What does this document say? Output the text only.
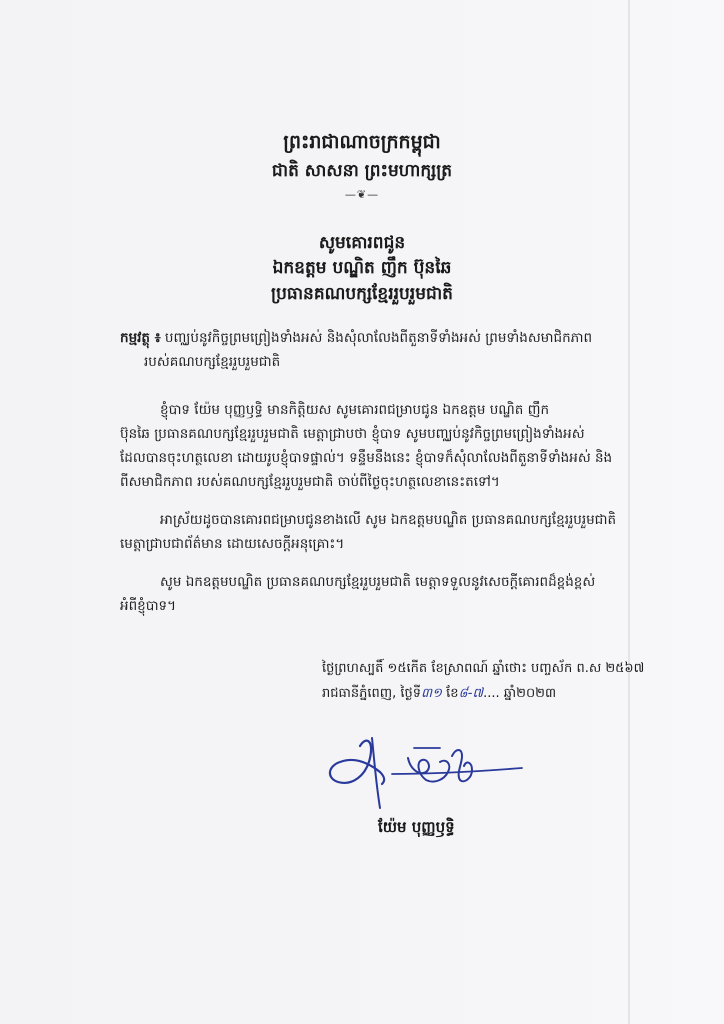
ព្រះរាជាណាចក្រកម្ពុជា
ជាតិ សាសនា ព្រះមហាក្សត្រ
—❦—
សូមគោរពជូន
ឯកឧត្តម បណ្ឌិត ញឹក ប៊ុនឆៃ
ប្រធានគណបក្សខ្មែររួបរួមជាតិ
កម្មវត្ថុ ៖ បញ្ឈប់នូវកិច្ចព្រមព្រៀងទាំងអស់ និងសុំលាលែងពីតួនាទីទាំងអស់ ព្រមទាំងសមាជិកភាព
របស់គណបក្សខ្មែររួបរួមជាតិ
ខ្ញុំបាទ យ៉ែម បុញ្ញឫទ្ធិ មានកិត្តិយស សូមគោរពជម្រាបជូន ឯកឧត្តម បណ្ឌិត ញឹក
ប៊ុនឆៃ ប្រធានគណបក្សខ្មែររួបរួមជាតិ មេត្តាជ្រាបថា ខ្ញុំបាទ សូមបញ្ឈប់នូវកិច្ចព្រមព្រៀងទាំងអស់
ដែលបានចុះហត្ថលេខា ដោយរូបខ្ញុំបាទផ្ទាល់។ ទន្ទឹមនឹងនេះ ខ្ញុំបាទក៏សុំលាលែងពីតួនាទីទាំងអស់ និង
ពីសមាជិកភាព របស់គណបក្សខ្មែររួបរួមជាតិ ចាប់ពីថ្ងៃចុះហត្ថលេខានេះតទៅ។
អាស្រ័យដូចបានគោរពជម្រាបជូនខាងលើ សូម ឯកឧត្តមបណ្ឌិត ប្រធានគណបក្សខ្មែររួបរួមជាតិ
មេត្តាជ្រាបជាព័ត៌មាន ដោយសេចក្តីអនុគ្រោះ។
សូម ឯកឧត្តមបណ្ឌិត ប្រធានគណបក្សខ្មែររួបរួមជាតិ មេត្តាទទួលនូវសេចក្តីគោរពដ៏ខ្ពង់ខ្ពស់
អំពីខ្ញុំបាទ។
ថ្ងៃព្រហស្បតិ៍ ១៥កើត ខែស្រាពណ៍ ឆ្នាំថោះ បញ្ចស័ក ព.ស ២៥៦៧
រាជធានីភ្នំពេញ, ថ្ងៃទី៣១ ខែ៨-៧.... ឆ្នាំ២០២៣
យ៉ែម បុញ្ញឫទ្ធិ
